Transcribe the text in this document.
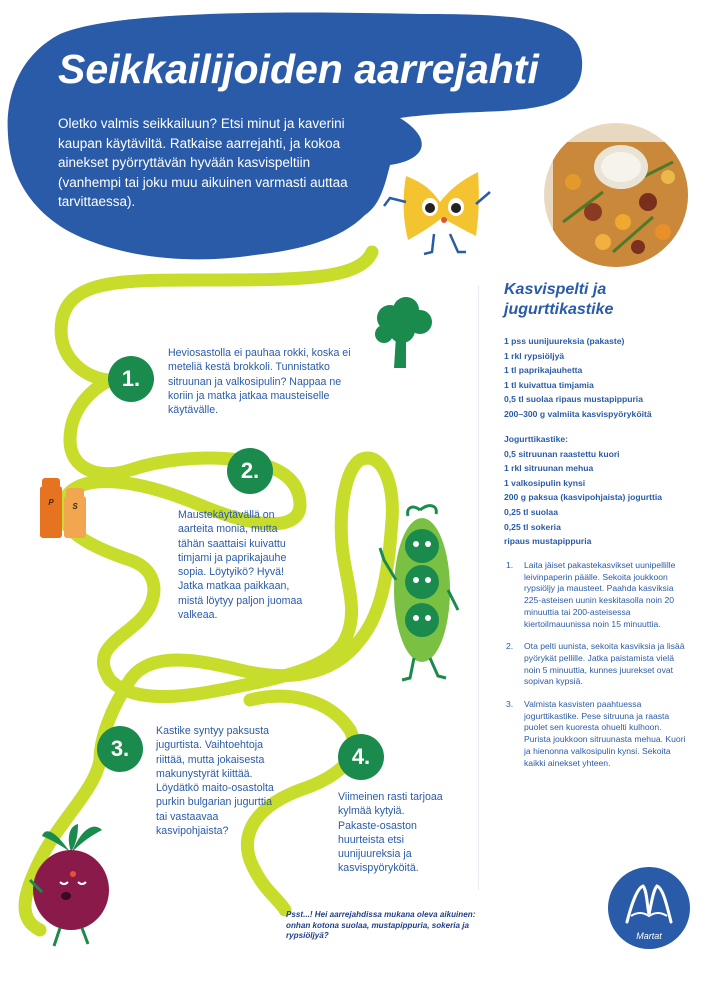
Seikkailijoiden aarrejahti
Oletko valmis seikkailuun? Etsi minut ja kaverini kaupan käytäviltä. Ratkaise aarrejahti, ja kokoa ainekset pyörryttävän hyvään kasvispeltiin (vanhempi tai joku muu aikuinen varmasti auttaa tarvittaessa).
P	S
1.
2.
3.	4.
Heviosastolla ei pauhaa rokki, koska ei meteliä kestä brokkoli. Tunnistatko sitruunan ja valkosipulin? Nappaa ne koriin ja matka jatkaa mausteiselle käytävälle.
Maustekäytävällä on aarteita monia, mutta tähän saattaisi kuivattu timjami ja paprikajauhe sopia. Löytyikö? Hyvä! Jatka matkaa paikkaan, mistä löytyy paljon juomaa valkeaa.
Kastike syntyy paksusta jugurtista. Vaihtoehtoja riittää, mutta jokaisesta makunystyrät kiittää. Löydätkö maito-osastolta purkin bulgarian jugurttia tai vastaavaa kasvipohjaista?
Viimeinen rasti tarjoaa kylmää kytyiä. Pakaste-osaston huurteista etsi uunijuureksia ja kasvispyöryköitä.
Kasvispelti ja jugurttikastike
1 pss uunijuureksia (pakaste)
1 rkl rypsiöljyä
1 tl paprikajauhetta
1 tl kuivattua timjamia
0,5 tl suolaa ripaus mustapippuria
200–300 g valmiita kasvispyöryköitä
Jogurttikastike:
0,5 sitruunan raastettu kuori
1 rkl sitruunan mehua
1 valkosipulin kynsi
200 g paksua (kasvipohjaista) jogurttia
0,25 tl suolaa
0,25 tl sokeria
ripaus mustapippuria
1.	Laita jäiset pakastekasvikset uunipellille leivinpaperin päälle. Sekoita joukkoon rypsiöljy ja mausteet. Paahda kasviksia 225-asteisen uunin keskitasolla noin 20 minuuttia tai 200-asteisessa kiertoilmauunissa noin 15 minuuttia.
2.	Ota pelti uunista, sekoita kasviksia ja lisää pyörykät pellille. Jatka paistamista vielä noin 5 minuuttia, kunnes juurekset ovat sopivan kypsiä.
3.	Valmista kasvisten paahtuessa jogurttikastike. Pese sitruuna ja raasta puolet sen kuoresta ohuelti kulhoon. Purista joukkoon sitruunasta mehua. Kuori ja hienonna valkosipulin kynsi. Sekoita kaikki ainekset yhteen.
Psst...! Hei aarrejahdissa mukana oleva aikuinen: onhan kotona suolaa, mustapippuria, sokeria ja rypsiöljyä?	Martat
